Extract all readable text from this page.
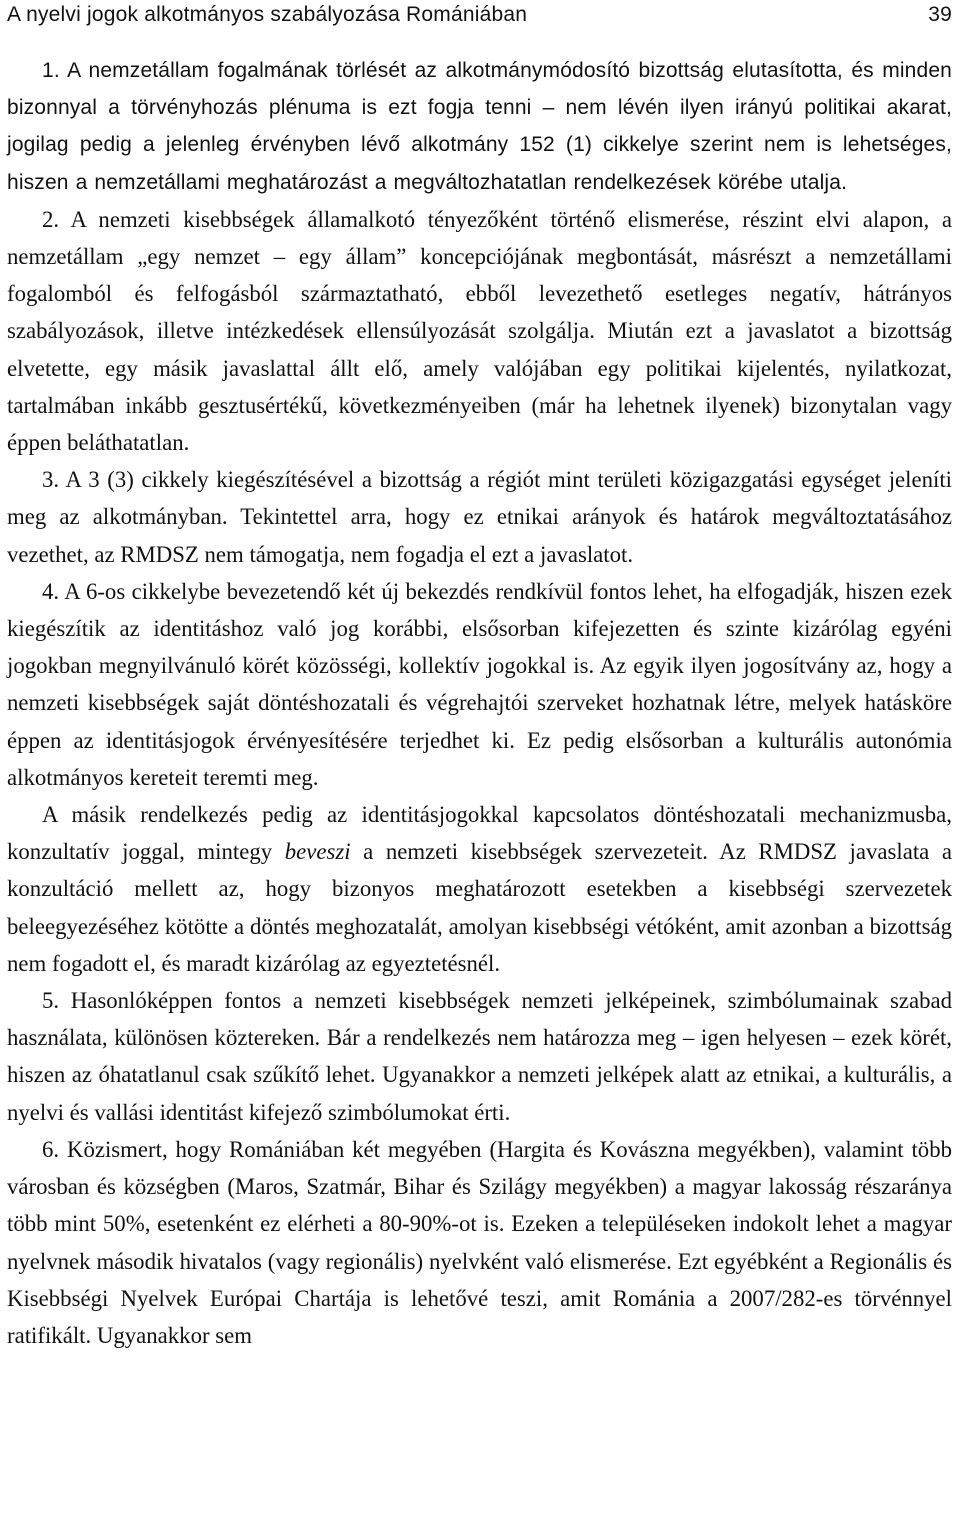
A nyelvi jogok alkotmányos szabályozása Romániában	39

1. A nemzetállam fogalmának törlését az alkotmánymódosító bizottság elutasította, és minden bizonnyal a törvényhozás plénuma is ezt fogja tenni – nem lévén ilyen irányú politikai akarat, jogilag pedig a jelenleg érvényben lévő alkotmány 152 (1) cikkelye szerint nem is lehetséges, hiszen a nemzetállami meghatározást a megváltozhatatlan rendelkezések körébe utalja.

2. A nemzeti kisebbségek államalkotó tényezőként történő elismerése, részint elvi alapon, a nemzetállam „egy nemzet – egy állam” koncepciójának megbontását, másrészt a nemzetállami fogalomból és felfogásból származtatható, ebből levezethető esetleges negatív, hátrányos szabályozások, illetve intézkedések ellensúlyozását szolgálja. Miután ezt a javaslatot a bizottság elvetette, egy másik javaslattal állt elő, amely valójában egy politikai kijelentés, nyilatkozat, tartalmában inkább gesztusértékű, következményeiben (már ha lehetnek ilyenek) bizonytalan vagy éppen beláthatatlan.

3. A 3 (3) cikkely kiegészítésével a bizottság a régiót mint területi közigazgatási egységet jeleníti meg az alkotmányban. Tekintettel arra, hogy ez etnikai arányok és határok megváltoztatásához vezethet, az RMDSZ nem támogatja, nem fogadja el ezt a javaslatot.

4. A 6-os cikkelybe bevezetendő két új bekezdés rendkívül fontos lehet, ha elfogadják, hiszen ezek kiegészítik az identitáshoz való jog korábbi, elsősorban kifejezetten és szinte kizárólag egyéni jogokban megnyilvánuló körét közösségi, kollektív jogokkal is. Az egyik ilyen jogosítvány az, hogy a nemzeti kisebbségek saját döntéshozatali és végrehajtói szerveket hozhatnak létre, melyek hatásköre éppen az identitásjogok érvényesítésére terjedhet ki. Ez pedig elsősorban a kulturális autonómia alkotmányos kereteit teremti meg.

A másik rendelkezés pedig az identitásjogokkal kapcsolatos döntéshozatali mechanizmusba, konzultatív joggal, mintegy beveszi a nemzeti kisebbségek szervezeteit. Az RMDSZ javaslata a konzultáció mellett az, hogy bizonyos meghatározott esetekben a kisebbségi szervezetek beleegyezéséhez kötötte a döntés meghozatalát, amolyan kisebbségi vétóként, amit azonban a bizottság nem fogadott el, és maradt kizárólag az egyeztetésnél.

5. Hasonlóképpen fontos a nemzeti kisebbségek nemzeti jelképeinek, szimbólumainak szabad használata, különösen köztereken. Bár a rendelkezés nem határozza meg – igen helyesen – ezek körét, hiszen az óhatatlanul csak szűkítő lehet. Ugyanakkor a nemzeti jelképek alatt az etnikai, a kulturális, a nyelvi és vallási identitást kifejező szimbólumokat érti.

6. Közismert, hogy Romániában két megyében (Hargita és Kovászna megyékben), valamint több városban és községben (Maros, Szatmár, Bihar és Szilágy megyékben) a magyar lakosság részaránya több mint 50%, esetenként ez elérheti a 80-90%-ot is. Ezeken a településeken indokolt lehet a magyar nyelvnek második hivatalos (vagy regionális) nyelvként való elismerése. Ezt egyébként a Regionális és Kisebbségi Nyelvek Európai Chartája is lehetővé teszi, amit Románia a 2007/282-es törvénnyel ratifikált. Ugyanakkor sem
